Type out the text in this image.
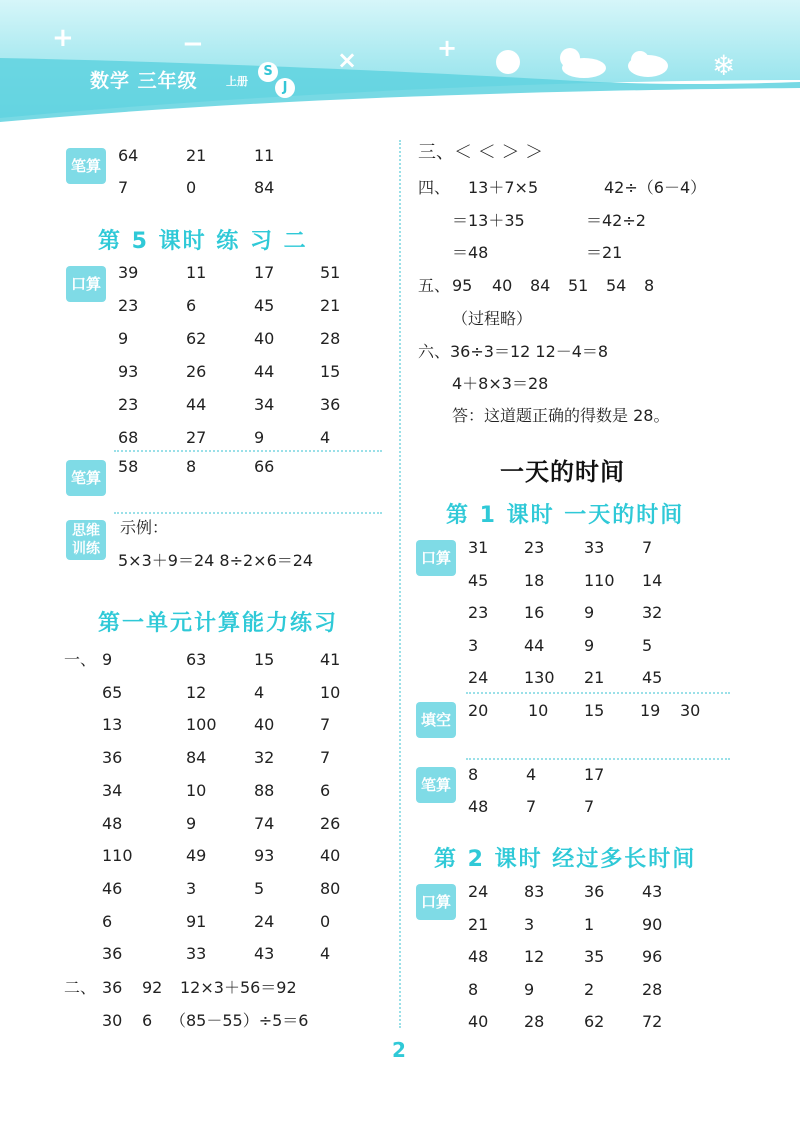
+	−
×	+
❄
数学 三年级	上册
S
J
笔算
64	21	11
7	0	84
第 5 课时 练 习 二
口算
39	11	17	51
23	6	45	21
9	62	40	28
93	26	44	15
23	44	34	36
68	27	9	4
笔算
58	8	66
思维
训练
示例：
5×3＋9＝24 8÷2×6＝24
第一单元计算能力练习
一、 9	63	15	41
65	12	4	10
13	100 40	7
36	84	32	7
34	10	88	6
48	9	74	26
110	49	93	40
46	3	5	80
6	91	24	0
36	33	43	4
二、 36 92 12×3＋56＝92
30 6 （85－55）÷5＝6
三、＜ ＜ ＞ ＞
四、 13＋7×5	42÷（6－4）
＝13＋35	＝42÷2
＝48	＝21
五、 95 40 84 51 54 8
（过程略）
六、36÷3＝12 12－4＝8
4＋8×3＝28
答：这道题正确的得数是 28。
一天的时间
第 1 课时 一天的时间
口算
31 23 33 7
45 18 110 14
23 16 9	32
3	44 9	5
24 130 21 45
填空	20 10 15 19 30
笔算
8	4	17
48 7	7
第 2 课时 经过多长时间
口算
24 83 36 43
21 3	1	90
48 12 35 96
8	9	2	28
40 28 62 72
2
